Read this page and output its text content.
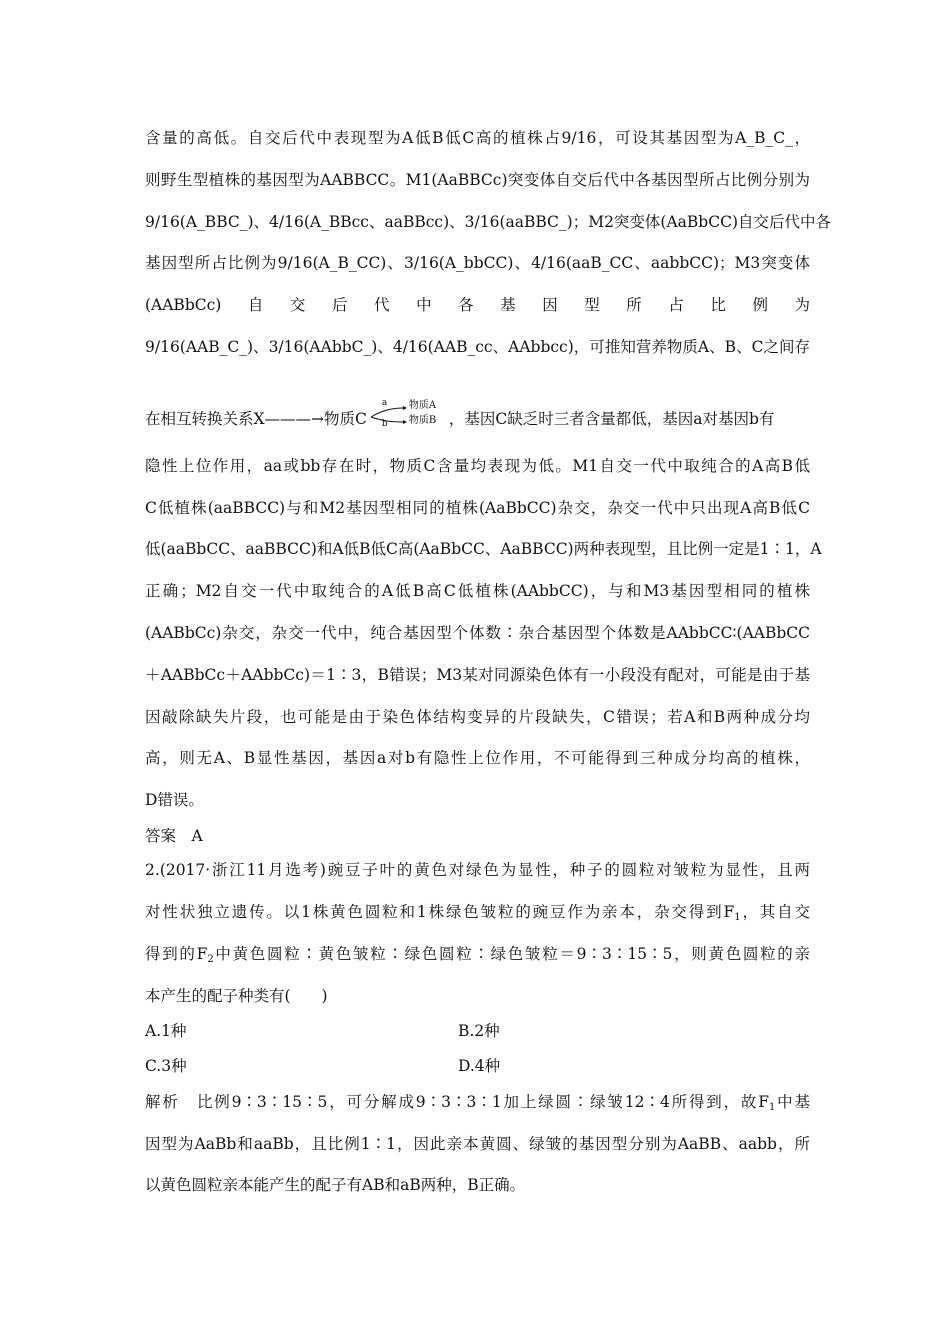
含量的高低。自交后代中表现型为A低B低C高的植株占9/16，可设其基因型为A_B_C_，
则野生型植株的基因型为AABBCC。M1(AaBBCc)突变体自交后代中各基因型所占比例分别为
9/16(A_BBC_)、4/16(A_BBcc、aaBBcc)、3/16(aaBBC_)；M2突变体(AaBbCC)自交后代中各
基因型所占比例为9/16(A_B_CC)、3/16(A_bbCC)、4/16(aaB_CC、aabbCC)；M3突变体
(AABbCc) 自 交 后 代 中 各 基 因 型 所 占 比 例 为
9/16(AAB_C_)、3/16(AAbbC_)、4/16(AAB_cc、AAbbcc)，可推知营养物质A、B、C之间存
在相互转换关系X———→物质C
a
b
物质A
物质B ，基因C缺乏时三者含量都低，基因a对基因b有
隐性上位作用，aa或bb存在时，物质C含量均表现为低。M1自交一代中取纯合的A高B低
C低植株(aaBBCC)与和M2基因型相同的植株(AaBbCC)杂交，杂交一代中只出现A高B低C
低(aaBbCC、aaBBCC)和A低B低C高(AaBbCC、AaBBCC)两种表现型，且比例一定是1∶1，A
正确；M2自交一代中取纯合的A低B高C低植株(AAbbCC)，与和M3基因型相同的植株
(AABbCc)杂交，杂交一代中，纯合基因型个体数∶杂合基因型个体数是AAbbCC∶(AABbCC
＋AABbCc＋AAbbCc)＝1∶3，B错误；M3某对同源染色体有一小段没有配对，可能是由于基
因敲除缺失片段，也可能是由于染色体结构变异的片段缺失，C错误；若A和B两种成分均
高，则无A、B显性基因，基因a对b有隐性上位作用，不可能得到三种成分均高的植株，
D错误。
答案　A
2.(2017·浙江11月选考)豌豆子叶的黄色对绿色为显性，种子的圆粒对皱粒为显性，且两
对性状独立遗传。以1株黄色圆粒和1株绿色皱粒的豌豆作为亲本，杂交得到$F_1$，其自交
得到的$F_2$中黄色圆粒∶黄色皱粒∶绿色圆粒∶绿色皱粒＝9∶3∶15∶5，则黄色圆粒的亲
本产生的配子种类有(　　)
A.1种	B.2种
C.3种	D.4种
解析　比例9∶3∶15∶5，可分解成9∶3∶3∶1加上绿圆∶绿皱12∶4所得到，故$F_1$中基
因型为AaBb和aaBb，且比例1∶1，因此亲本黄圆、绿皱的基因型分别为AaBB、aabb，所
以黄色圆粒亲本能产生的配子有AB和aB两种，B正确。
